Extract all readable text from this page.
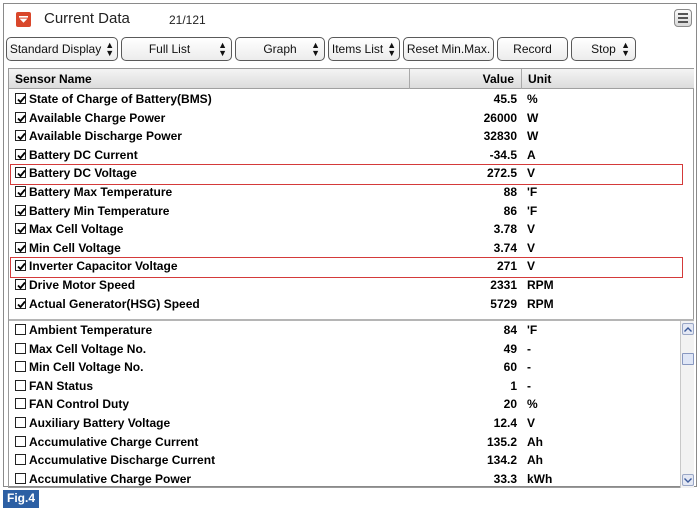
Current Data	21/121
Standard Display ▲
▼	Full List	▲
▼	Graph ▲
▼ Items List ▲
▼ Reset Min.Max. Record	Stop ▲
▼
Sensor Name	Value	Unit
State of Charge of Battery(BMS)	45.5 %
Available Charge Power	26000 W
Available Discharge Power	32830 W
Battery DC Current	-34.5 A
Battery DC Voltage	272.5 V
Battery Max Temperature	88 'F
Battery Min Temperature	86 'F
Max Cell Voltage	3.78 V
Min Cell Voltage	3.74 V
Inverter Capacitor Voltage	271 V
Drive Motor Speed	2331 RPM
Actual Generator(HSG) Speed	5729 RPM
Ambient Temperature	84 'F
Max Cell Voltage No.	49 -
Min Cell Voltage No.	60 -
FAN Status	1 -
FAN Control Duty	20 %
Auxiliary Battery Voltage	12.4 V
Accumulative Charge Current	135.2 Ah
Accumulative Discharge Current	134.2 Ah
Accumulative Charge Power	33.3 kWh
Fig.4
